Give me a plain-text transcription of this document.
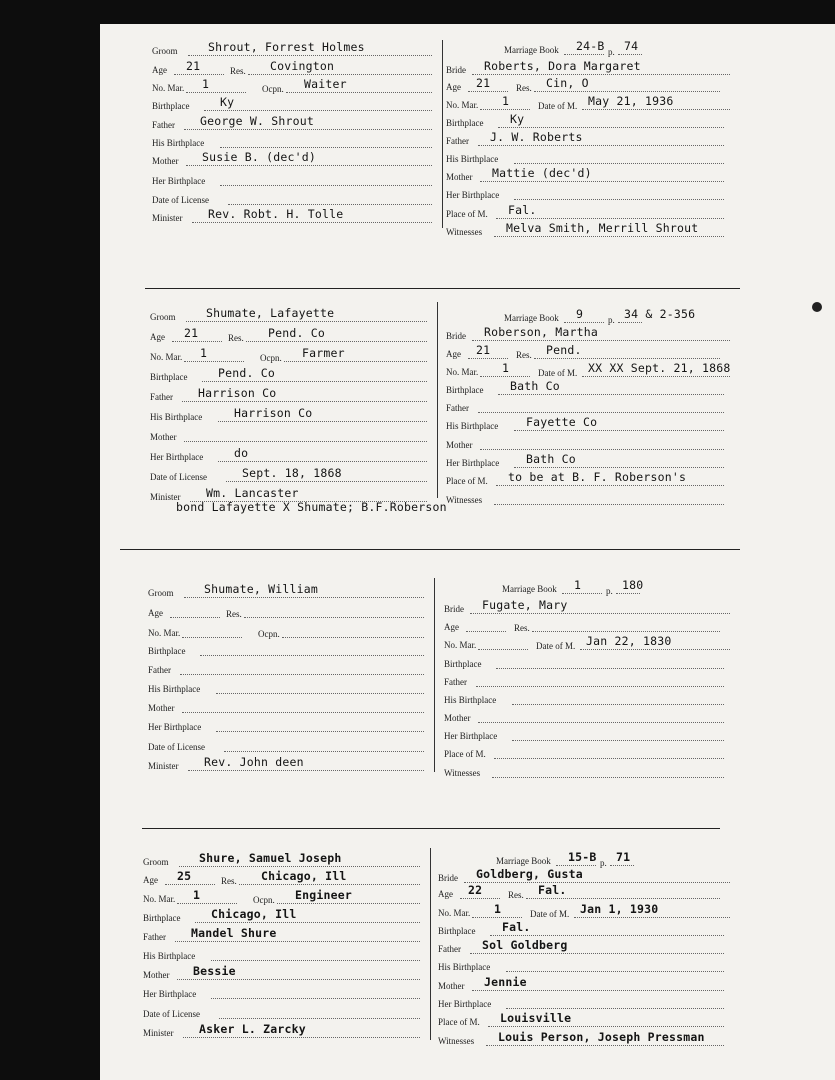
Groom	Shrout, Forrest Holmes
Age 21	Res. Covington
No. Mar. 1	Ocpn. Waiter
Birthplace	Ky
Father George W. Shrout
His Birthplace
Mother Susie B. (dec'd)
Her Birthplace
Date of License
Minister Rev. Robt. H. Tolle
Marriage Book 24-B p. 74
Bride Roberts, Dora Margaret
Age 21	Res. Cin, O
No. Mar. 1	Date of M. May 21, 1936
Birthplace Ky
Father J. W. Roberts
His Birthplace
Mother Mattie (dec'd)
Her Birthplace
Place of M. Fal.
Witnesses Melva Smith, Merrill Shrout
Groom	Shumate, Lafayette
Age 21	Res. Pend. Co
No. Mar. 1	Ocpn. Farmer
Birthplace	Pend. Co
Father Harrison Co
His Birthplace	Harrison Co
Mother
Her Birthplace	do
Date of License	Sept. 18, 1868
Minister Wm. Lancaster
Marriage Book 9	p. 34 & 2-356
Bride Roberson, Martha
Age 21	Res. Pend.
No. Mar. 1	Date of M. XX XX Sept. 21, 1868
Birthplace Bath Co
Father
His Birthplace Fayette Co
Mother
Her Birthplace Bath Co
Place of M. to be at B. F. Roberson's
Witnesses
bond Lafayette X Shumate; B.F.Roberson
Groom	Shumate, William
Age	Res.
No. Mar.	Ocpn.
Birthplace
Father
His Birthplace
Mother
Her Birthplace
Date of License
Minister Rev. John deen
Marriage Book 1	p. 180
Bride Fugate, Mary
Age	Res.
No. Mar.	Date of M. Jan 22, 1830
Birthplace
Father
His Birthplace
Mother
Her Birthplace
Place of M.
Witnesses
Groom	Shure, Samuel Joseph
Age 25	Res. Chicago, Ill
No. Mar. 1	Ocpn. Engineer
Birthplace	Chicago, Ill
Father Mandel Shure
His Birthplace
Mother Bessie
Her Birthplace
Date of License
Minister Asker L. Zarcky
Marriage Book 15-B p. 71
Bride Goldberg, Gusta
Age 22	Res. Fal.
No. Mar. 1	Date of M. Jan 1, 1930
Birthplace Fal.
Father Sol Goldberg
His Birthplace
Mother Jennie
Her Birthplace
Place of M. Louisville
Witnesses Louis Person, Joseph Pressman
